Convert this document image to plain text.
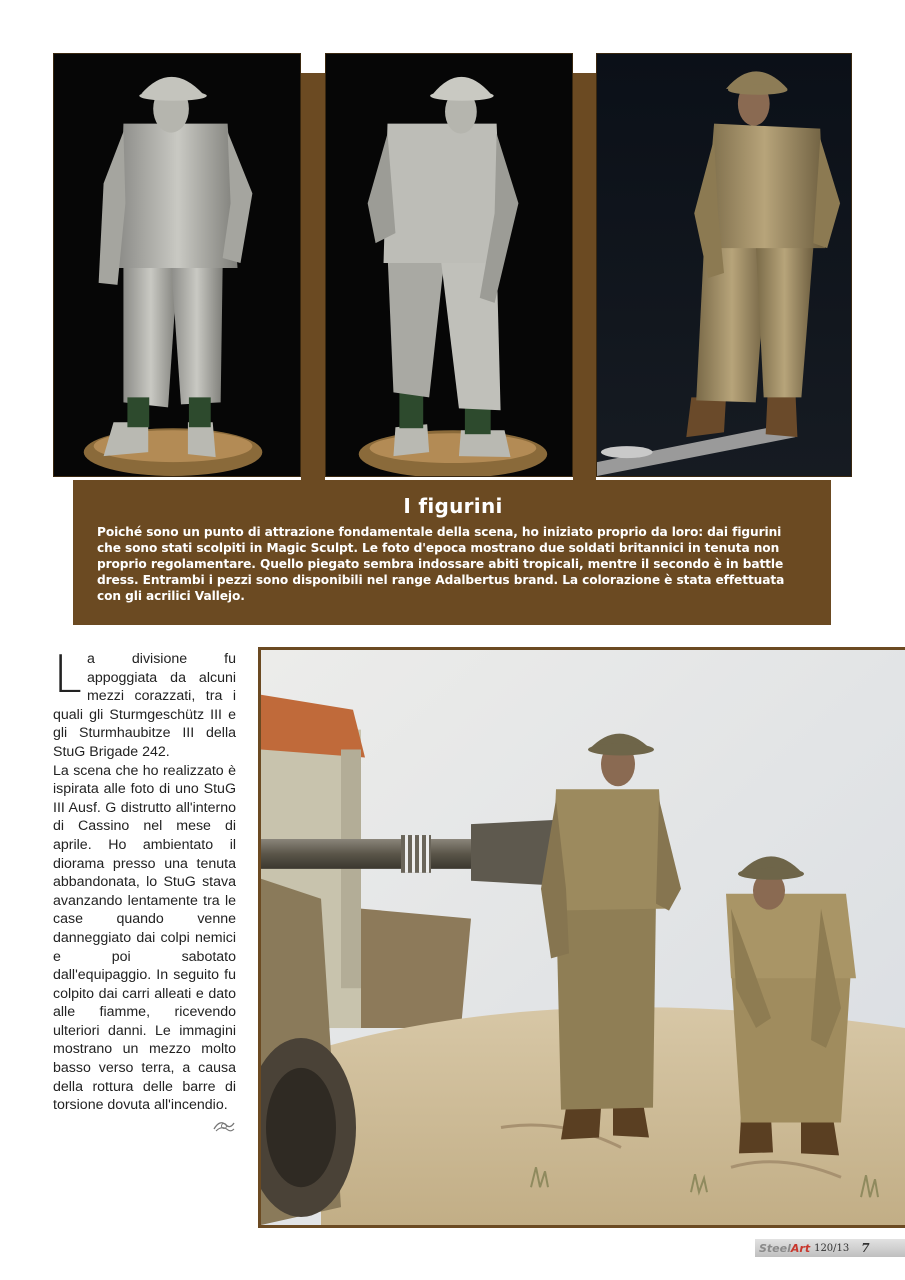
I figurini
Poiché sono un punto di attrazione fondamentale della scena, ho iniziato proprio da loro: dai figurini che sono stati scolpiti in Magic Sculpt. Le foto d'epoca mostrano due soldati britannici in tenuta non proprio regolamentare. Quello piegato sembra indossare abiti tropicali, mentre il secondo è in battle dress. Entrambi i pezzi sono disponibili nel range Adalbertus brand. La colorazione è stata effettuata con gli acrilici Vallejo.
L a divisione fu appoggiata da alcuni mezzi corazzati, tra i quali gli Sturmgeschütz III e gli Sturmhaubitze III della StuG Brigade 242.

La scena che ho realizzato è ispirata alle foto di uno StuG III Ausf. G distrutto all'interno di Cassino nel mese di aprile. Ho ambientato il diorama presso una tenuta abbandonata, lo StuG stava avanzando lentamente tra le case quando venne danneggiato dai colpi nemici e poi sabotato dall'equipaggio. In seguito fu colpito dai carri alleati e dato alle fiamme, ricevendo ulteriori danni. Le immagini mostrano un mezzo molto basso verso terra, a causa della rottura delle barre di torsione dovuta all'incendio.

Steel Art 120/13 7
